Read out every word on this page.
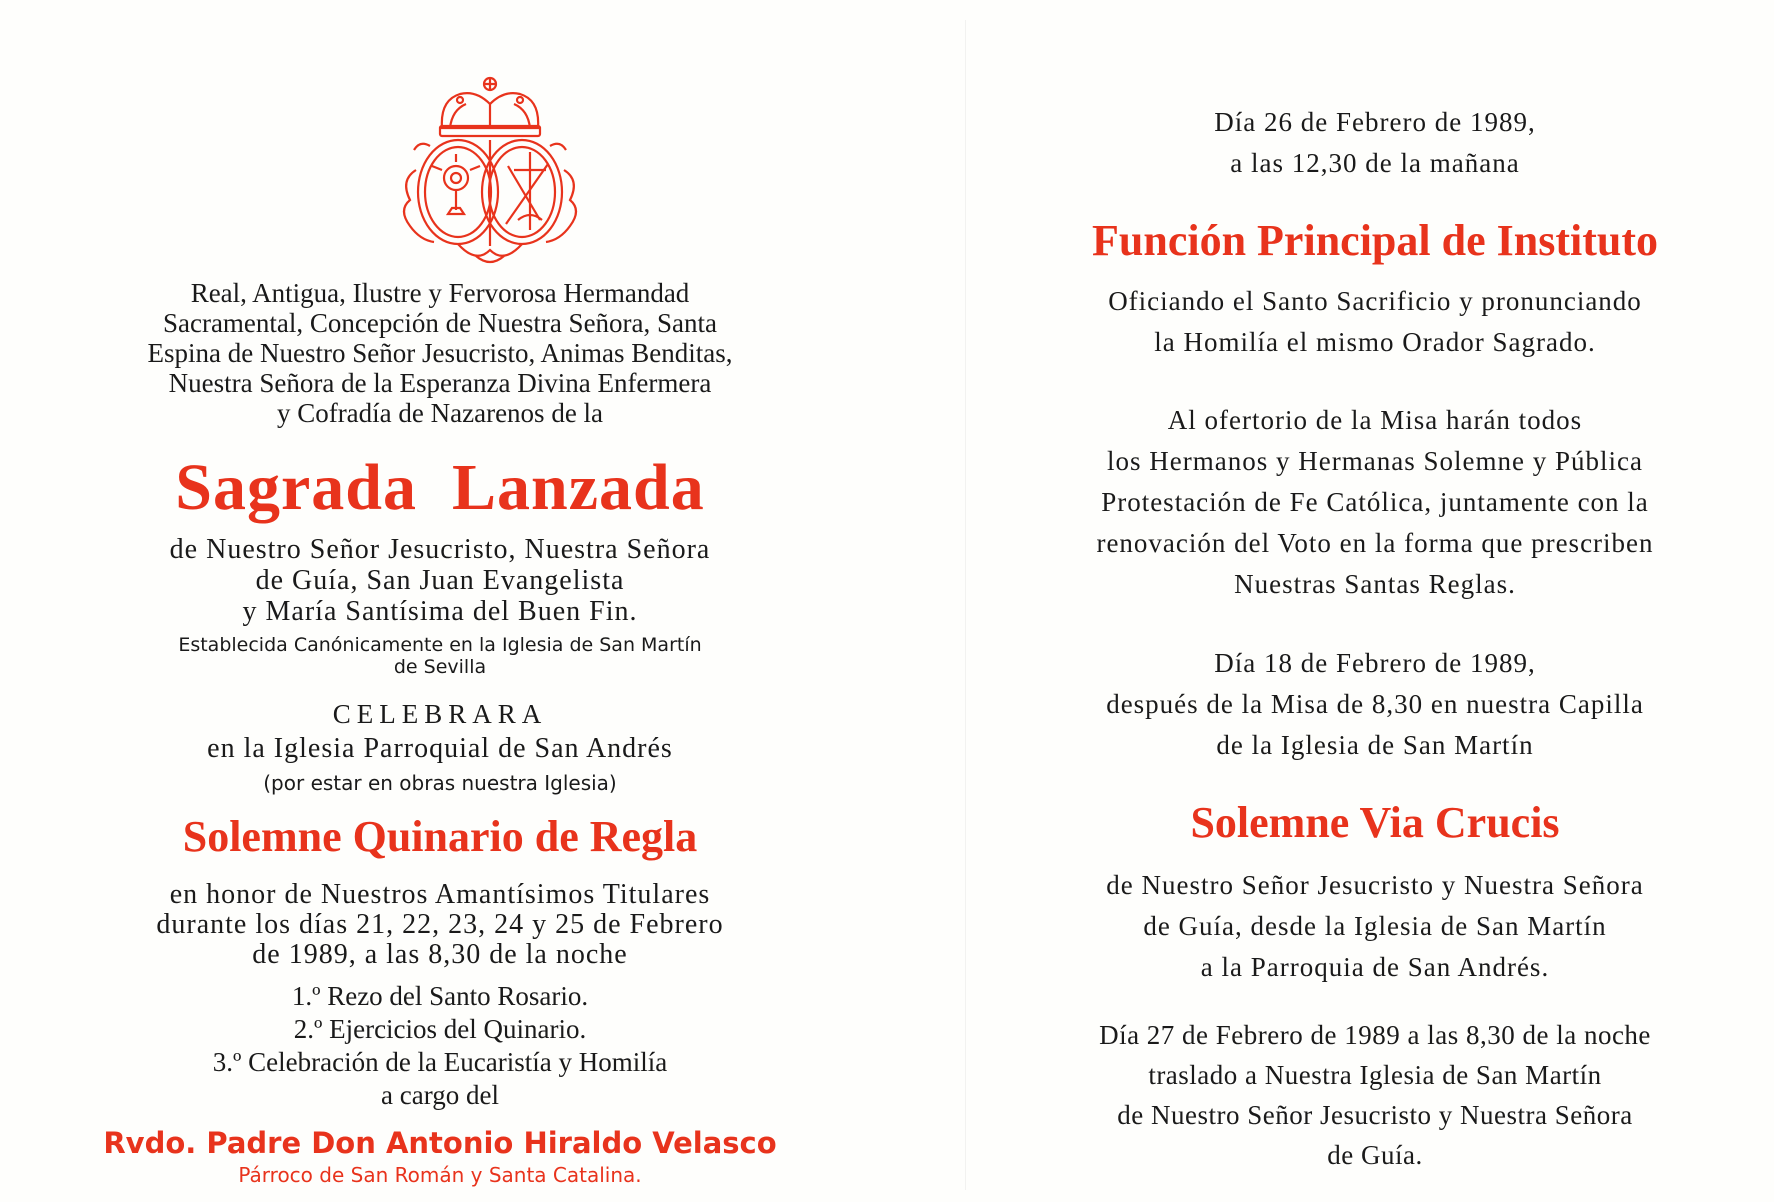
Real, Antigua, Ilustre y Fervorosa Hermandad
Sacramental, Concepción de Nuestra Señora, Santa
Espina de Nuestro Señor Jesucristo, Animas Benditas,
Nuestra Señora de la Esperanza Divina Enfermera
y Cofradía de Nazarenos de la
Sagrada  Lanzada
de Nuestro Señor Jesucristo, Nuestra Señora
de Guía, San Juan Evangelista
y María Santísima del Buen Fin.
Establecida Canónicamente en la Iglesia de San Martín
de Sevilla
CELEBRARA
en la Iglesia Parroquial de San Andrés
(por estar en obras nuestra Iglesia)
Solemne Quinario de Regla
en honor de Nuestros Amantísimos Titulares
durante los días 21, 22, 23, 24 y 25 de Febrero
de 1989, a las 8,30 de la noche
1.º Rezo del Santo Rosario.
2.º Ejercicios del Quinario.
3.º Celebración de la Eucaristía y Homilía
a cargo del
Rvdo. Padre Don Antonio Hiraldo Velasco
Párroco de San Román y Santa Catalina.
Día 26 de Febrero de 1989,
a las 12,30 de la mañana
Función Principal de Instituto
Oficiando el Santo Sacrificio y pronunciando
la Homilía el mismo Orador Sagrado.
Al ofertorio de la Misa harán todos
los Hermanos y Hermanas Solemne y Pública
Protestación de Fe Católica, juntamente con la
renovación del Voto en la forma que prescriben
Nuestras Santas Reglas.
Día 18 de Febrero de 1989,
después de la Misa de 8,30 en nuestra Capilla
de la Iglesia de San Martín
Solemne Via Crucis
de Nuestro Señor Jesucristo y Nuestra Señora
de Guía, desde la Iglesia de San Martín
a la Parroquia de San Andrés.
Día 27 de Febrero de 1989 a las 8,30 de la noche
traslado a Nuestra Iglesia de San Martín
de Nuestro Señor Jesucristo y Nuestra Señora
de Guía.
